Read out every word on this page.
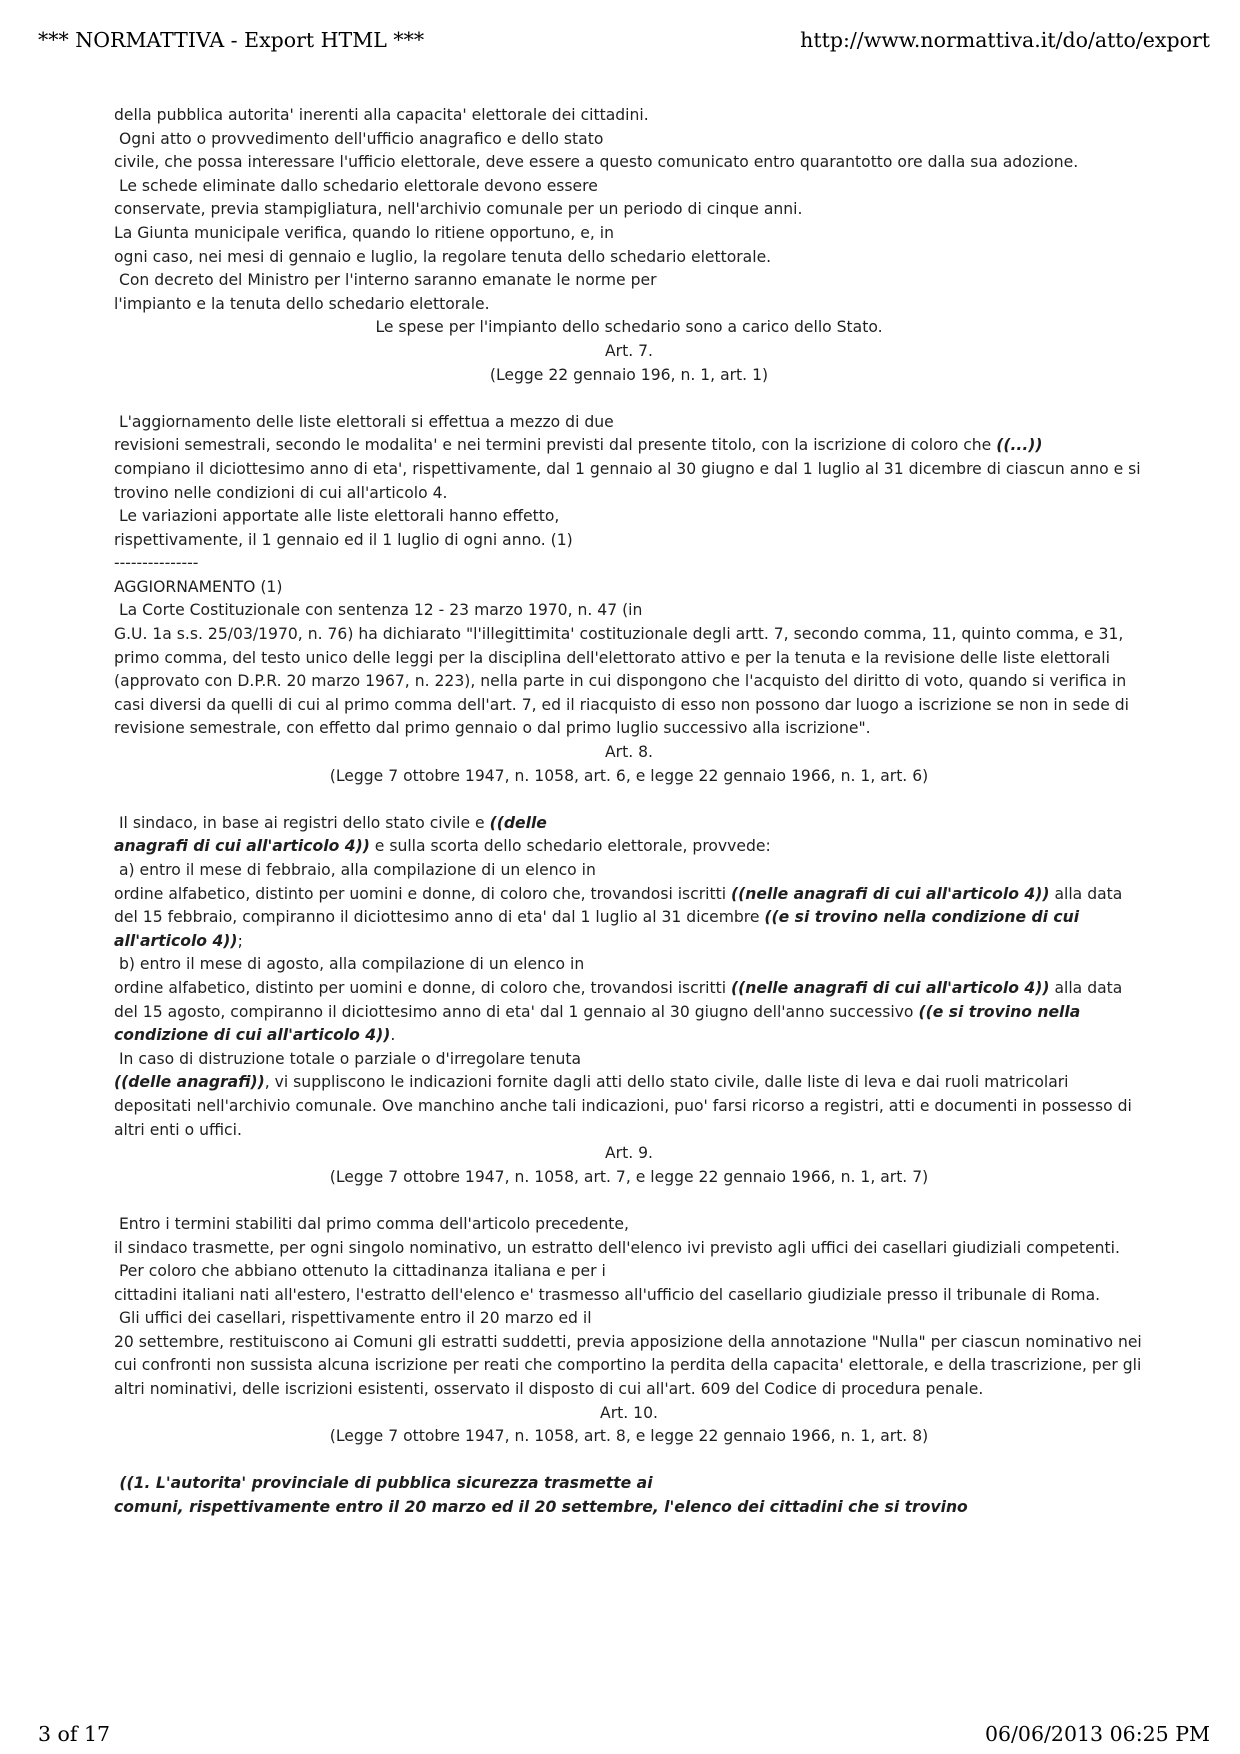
*** NORMATTIVA - Export HTML ***	http://www.normattiva.it/do/atto/export

della pubblica autorita' inerenti alla capacita' elettorale dei cittadini.

Ogni atto o provvedimento dell'ufficio anagrafico e dello stato

civile, che possa interessare l'ufficio elettorale, deve essere a questo comunicato entro quarantotto ore dalla sua adozione.

Le schede eliminate dallo schedario elettorale devono essere

conservate, previa stampigliatura, nell'archivio comunale per un periodo di cinque anni.

La Giunta municipale verifica, quando lo ritiene opportuno, e, in

ogni caso, nei mesi di gennaio e luglio, la regolare tenuta dello schedario elettorale.

Con decreto del Ministro per l'interno saranno emanate le norme per

l'impianto e la tenuta dello schedario elettorale.

Le spese per l'impianto dello schedario sono a carico dello Stato.

Art. 7.

(Legge 22 gennaio 196, n. 1, art. 1)

L'aggiornamento delle liste elettorali si effettua a mezzo di due

revisioni semestrali, secondo le modalita' e nei termini previsti dal presente titolo, con la iscrizione di coloro che ((...))

compiano il diciottesimo anno di eta', rispettivamente, dal 1 gennaio al 30 giugno e dal 1 luglio al 31 dicembre di ciascun anno e si trovino nelle condizioni di cui all'articolo 4.

Le variazioni apportate alle liste elettorali hanno effetto,

rispettivamente, il 1 gennaio ed il 1 luglio di ogni anno. (1)

---------------

AGGIORNAMENTO (1)

La Corte Costituzionale con sentenza 12 - 23 marzo 1970, n. 47 (in

G.U. 1a s.s. 25/03/1970, n. 76) ha dichiarato "l'illegittimita' costituzionale degli artt. 7, secondo comma, 11, quinto comma, e 31, primo comma, del testo unico delle leggi per la disciplina dell'elettorato attivo e per la tenuta e la revisione delle liste elettorali (approvato con D.P.R. 20 marzo 1967, n. 223), nella parte in cui dispongono che l'acquisto del diritto di voto, quando si verifica in casi diversi da quelli di cui al primo comma dell'art. 7, ed il riacquisto di esso non possono dar luogo a iscrizione se non in sede di revisione semestrale, con effetto dal primo gennaio o dal primo luglio successivo alla iscrizione".

Art. 8.

(Legge 7 ottobre 1947, n. 1058, art. 6, e legge 22 gennaio 1966, n. 1, art. 6)

Il sindaco, in base ai registri dello stato civile e ((delle

anagrafi di cui all'articolo 4)) e sulla scorta dello schedario elettorale, provvede:

a) entro il mese di febbraio, alla compilazione di un elenco in

ordine alfabetico, distinto per uomini e donne, di coloro che, trovandosi iscritti ((nelle anagrafi di cui all'articolo 4)) alla data del 15 febbraio, compiranno il diciottesimo anno di eta' dal 1 luglio al 31 dicembre ((e si trovino nella condizione di cui all'articolo 4));

b) entro il mese di agosto, alla compilazione di un elenco in

ordine alfabetico, distinto per uomini e donne, di coloro che, trovandosi iscritti ((nelle anagrafi di cui all'articolo 4)) alla data del 15 agosto, compiranno il diciottesimo anno di eta' dal 1 gennaio al 30 giugno dell'anno successivo ((e si trovino nella condizione di cui all'articolo 4)).

In caso di distruzione totale o parziale o d'irregolare tenuta

((delle anagrafi)), vi suppliscono le indicazioni fornite dagli atti dello stato civile, dalle liste di leva e dai ruoli matricolari depositati nell'archivio comunale. Ove manchino anche tali indicazioni, puo' farsi ricorso a registri, atti e documenti in possesso di altri enti o uffici.

Art. 9.

(Legge 7 ottobre 1947, n. 1058, art. 7, e legge 22 gennaio 1966, n. 1, art. 7)

Entro i termini stabiliti dal primo comma dell'articolo precedente,

il sindaco trasmette, per ogni singolo nominativo, un estratto dell'elenco ivi previsto agli uffici dei casellari giudiziali competenti.

Per coloro che abbiano ottenuto la cittadinanza italiana e per i

cittadini italiani nati all'estero, l'estratto dell'elenco e' trasmesso all'ufficio del casellario giudiziale presso il tribunale di Roma.

Gli uffici dei casellari, rispettivamente entro il 20 marzo ed il

20 settembre, restituiscono ai Comuni gli estratti suddetti, previa apposizione della annotazione "Nulla" per ciascun nominativo nei cui confronti non sussista alcuna iscrizione per reati che comportino la perdita della capacita' elettorale, e della trascrizione, per gli altri nominativi, delle iscrizioni esistenti, osservato il disposto di cui all'art. 609 del Codice di procedura penale.

Art. 10.

(Legge 7 ottobre 1947, n. 1058, art. 8, e legge 22 gennaio 1966, n. 1, art. 8)

((1. L'autorita' provinciale di pubblica sicurezza trasmette ai

comuni, rispettivamente entro il 20 marzo ed il 20 settembre, l'elenco dei cittadini che si trovino

3 of 17	06/06/2013 06:25 PM
